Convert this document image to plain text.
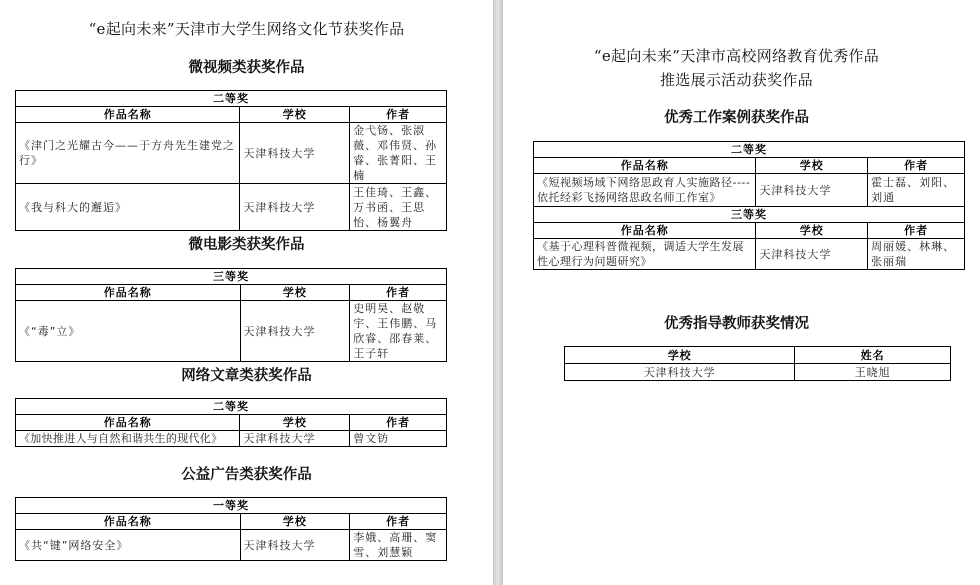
“e起向未来”天津市大学生网络文化节获奖作品
微视频类获奖作品
二等奖		
作品名称	学校	作者
《津门之光耀古今——于方舟先生建党之行》	天津科技大学	金弋钖、张淑薇、邓伟贤、孙睿、张菁阳、王楠
《我与科大的邂逅》	天津科技大学	王佳琦、王鑫、万书函、王思怡、杨翼舟
微电影类获奖作品
三等奖		
作品名称	学校	作者
《“毒”立》	天津科技大学	史明昊、赵敬宇、王伟鹏、马欣睿、邵春莱、王子轩
网络文章类获奖作品
二等奖		
作品名称	学校	作者
《加快推进人与自然和谐共生的现代化》	天津科技大学	曾文钫
公益广告类获奖作品
一等奖		
作品名称	学校	作者
《共“键”网络安全》	天津科技大学	李娥、高珊、窦雪、刘慧颖
“e起向未来”天津市高校网络教育优秀作品
推选展示活动获奖作品
优秀工作案例获奖作品
二等奖		
作品名称	学校	作者
《短视频场域下网络思政育人实施路径----依托经彩飞扬网络思政名师工作室》	天津科技大学	霍士磊、刘阳、刘通
三等奖		
作品名称	学校	作者
《基于心理科普微视频，调适大学生发展性心理行为问题研究》	天津科技大学	周丽媛、林琳、张丽瑞
优秀指导教师获奖情况
学校	姓名
天津科技大学	王晓旭
